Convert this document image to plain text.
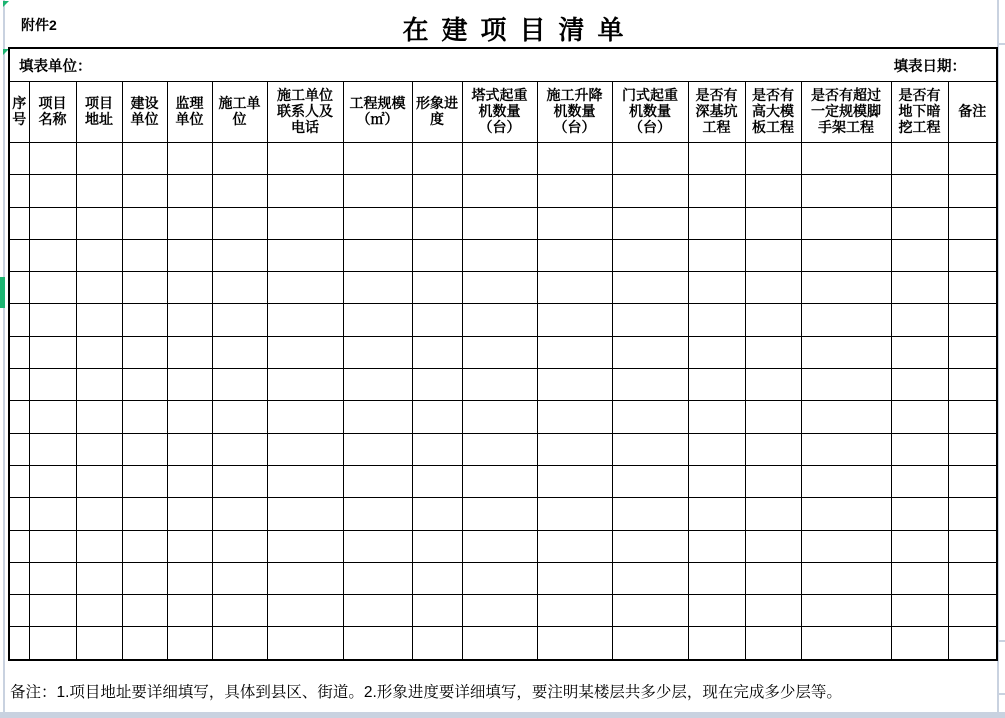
附件2	在建项目清单
填表单位： 填表日期：																

序号	项目名称	项目地址	建设单位	监理单位	施工单位	施工单位联系人及电话	工程规模（㎡）	形象进度	塔式起重机数量（台）	施工升降机数量（台）	门式起重机数量（台）	是否有深基坑工程	是否有高大模板工程	是否有超过一定规模脚手架工程	是否有地下暗挖工程	备注

备注：1.项目地址要详细填写，具体到县区、街道。2.形象进度要详细填写，要注明某楼层共多少层，现在完成多少层等。
